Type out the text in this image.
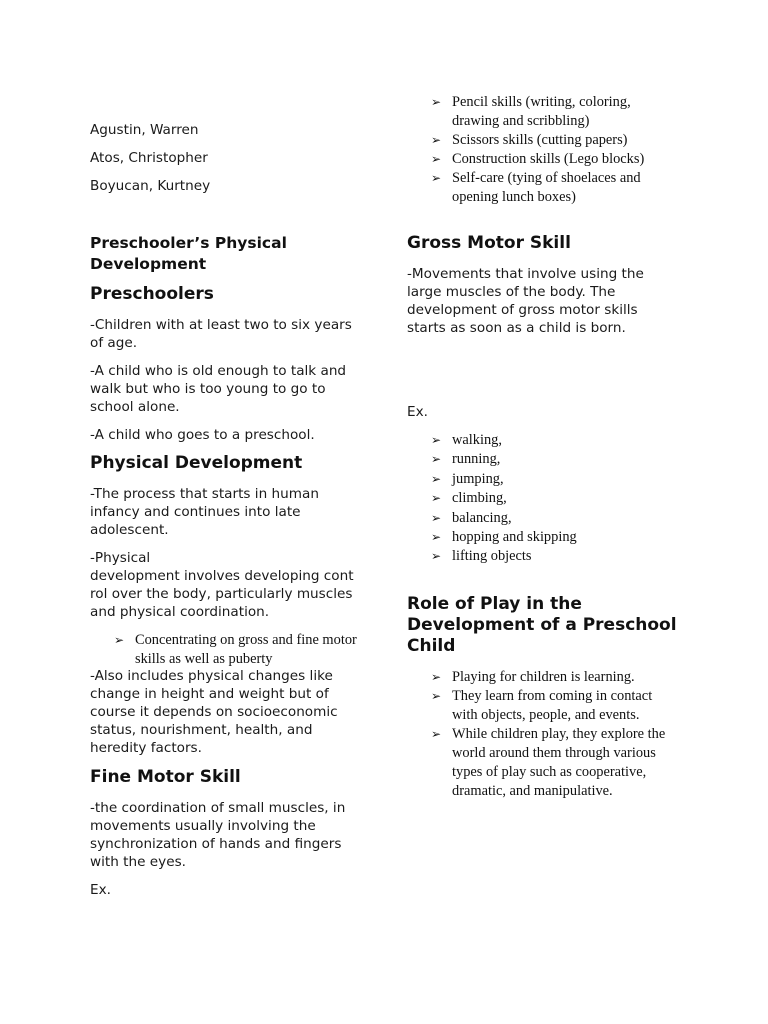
Agustin, Warren

Atos, Christopher

Boyucan, Kurtney

Preschooler’s Physical Development
Preschoolers

-Children with at least two to six years of age.

-A child who is old enough to talk and walk but who is too young to go to school alone.

-A child who goes to a preschool.

Physical Development

-The process that starts in human infancy and continues into late adolescent.

-Physical
development involves developing cont rol over the body, particularly muscles and physical coordination.

➢ Concentrating on gross and fine motor skills as well as puberty

-Also includes physical changes like change in height and weight but of course it depends on socioeconomic status, nourishment, health, and heredity factors.

Fine Motor Skill

-the coordination of small muscles, in movements usually involving the synchronization of hands and fingers with the eyes.

Ex.

➢ Pencil skills (writing, coloring, drawing and scribbling)
➢ Scissors skills (cutting papers)
➢ Construction skills (Lego blocks)
➢ Self-care (tying of shoelaces and opening lunch boxes)
Gross Motor Skill

-Movements that involve using the large muscles of the body. The development of gross motor skills starts as soon as a child is born.

Ex.

➢ walking,
➢ running,
➢ jumping,
➢ climbing,
➢ balancing,
➢ hopping and skipping
➢ lifting objects
Role of Play in the Development of a Preschool Child
➢ Playing for children is learning.
➢ They learn from coming in contact with objects, people, and events.
➢ While children play, they explore the world around them through various types of play such as cooperative, dramatic, and manipulative.
